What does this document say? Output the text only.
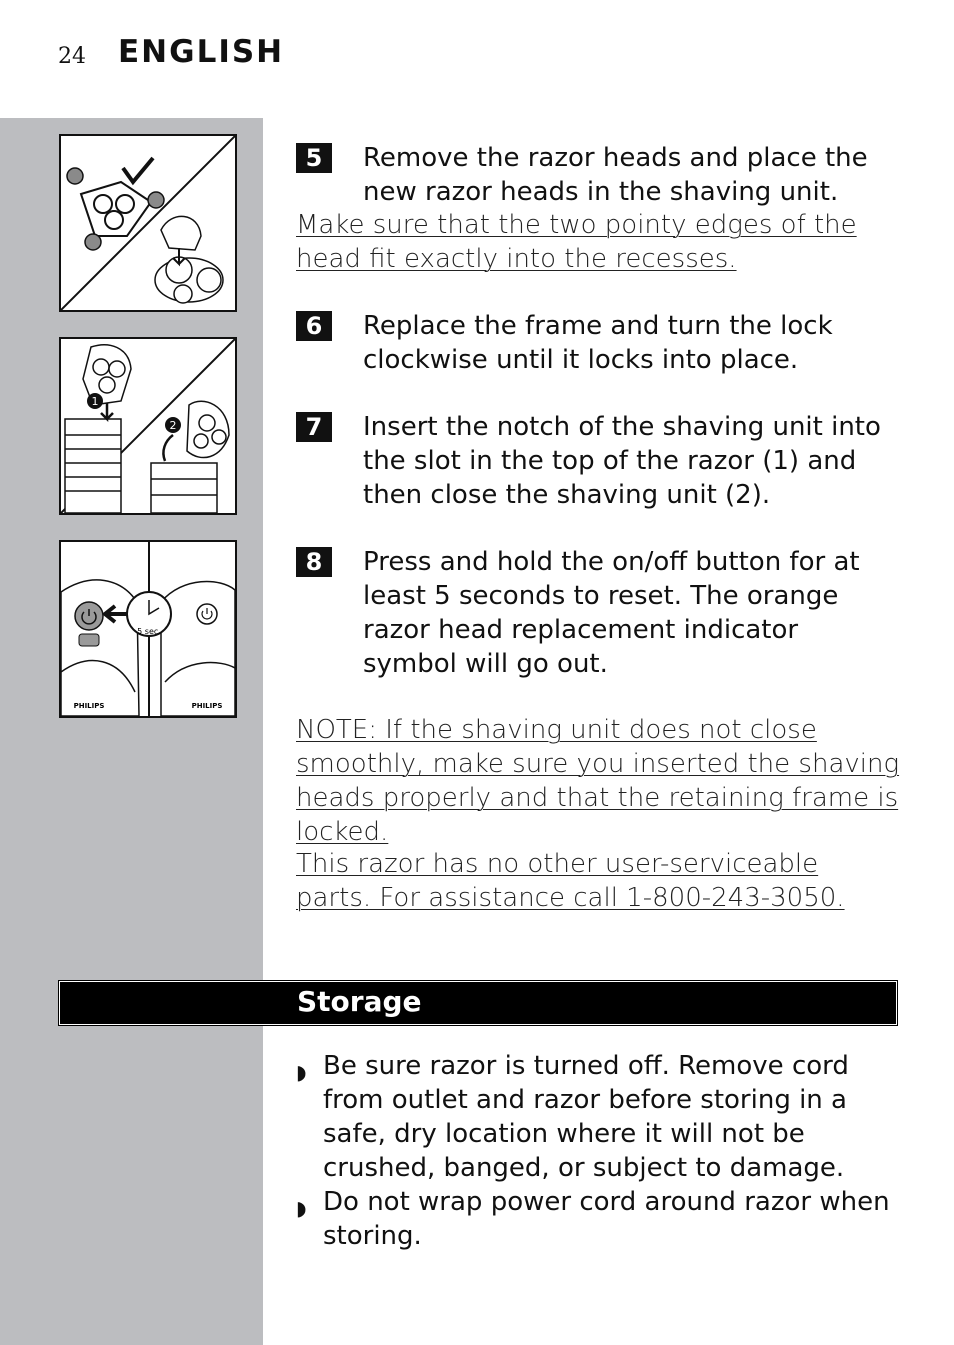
24 ENGLISH
1
2
5 sec.
PHILIPS	PHILIPS
5	Remove the razor heads and place the new razor heads in the shaving unit.
Make sure that the two pointy edges of the head fit exactly into the recesses.
6	Replace the frame and turn the lock clockwise until it locks into place.
7	Insert the notch of the shaving unit into the slot in the top of the razor (1) and then close the shaving unit (2).
8	Press and hold the on/off button for at least 5 seconds to reset. The orange razor head replacement indicator symbol will go out.
NOTE: If the shaving unit does not close smoothly, make sure you inserted the shaving heads properly and that the retaining frame is locked.
This razor has no other user-serviceable parts. For assistance call 1-800-243-3050.
Storage
◗ Be sure razor is turned off. Remove cord from outlet and razor before storing in a safe, dry location where it will not be crushed, banged, or subject to damage.
◗ Do not wrap power cord around razor when storing.
